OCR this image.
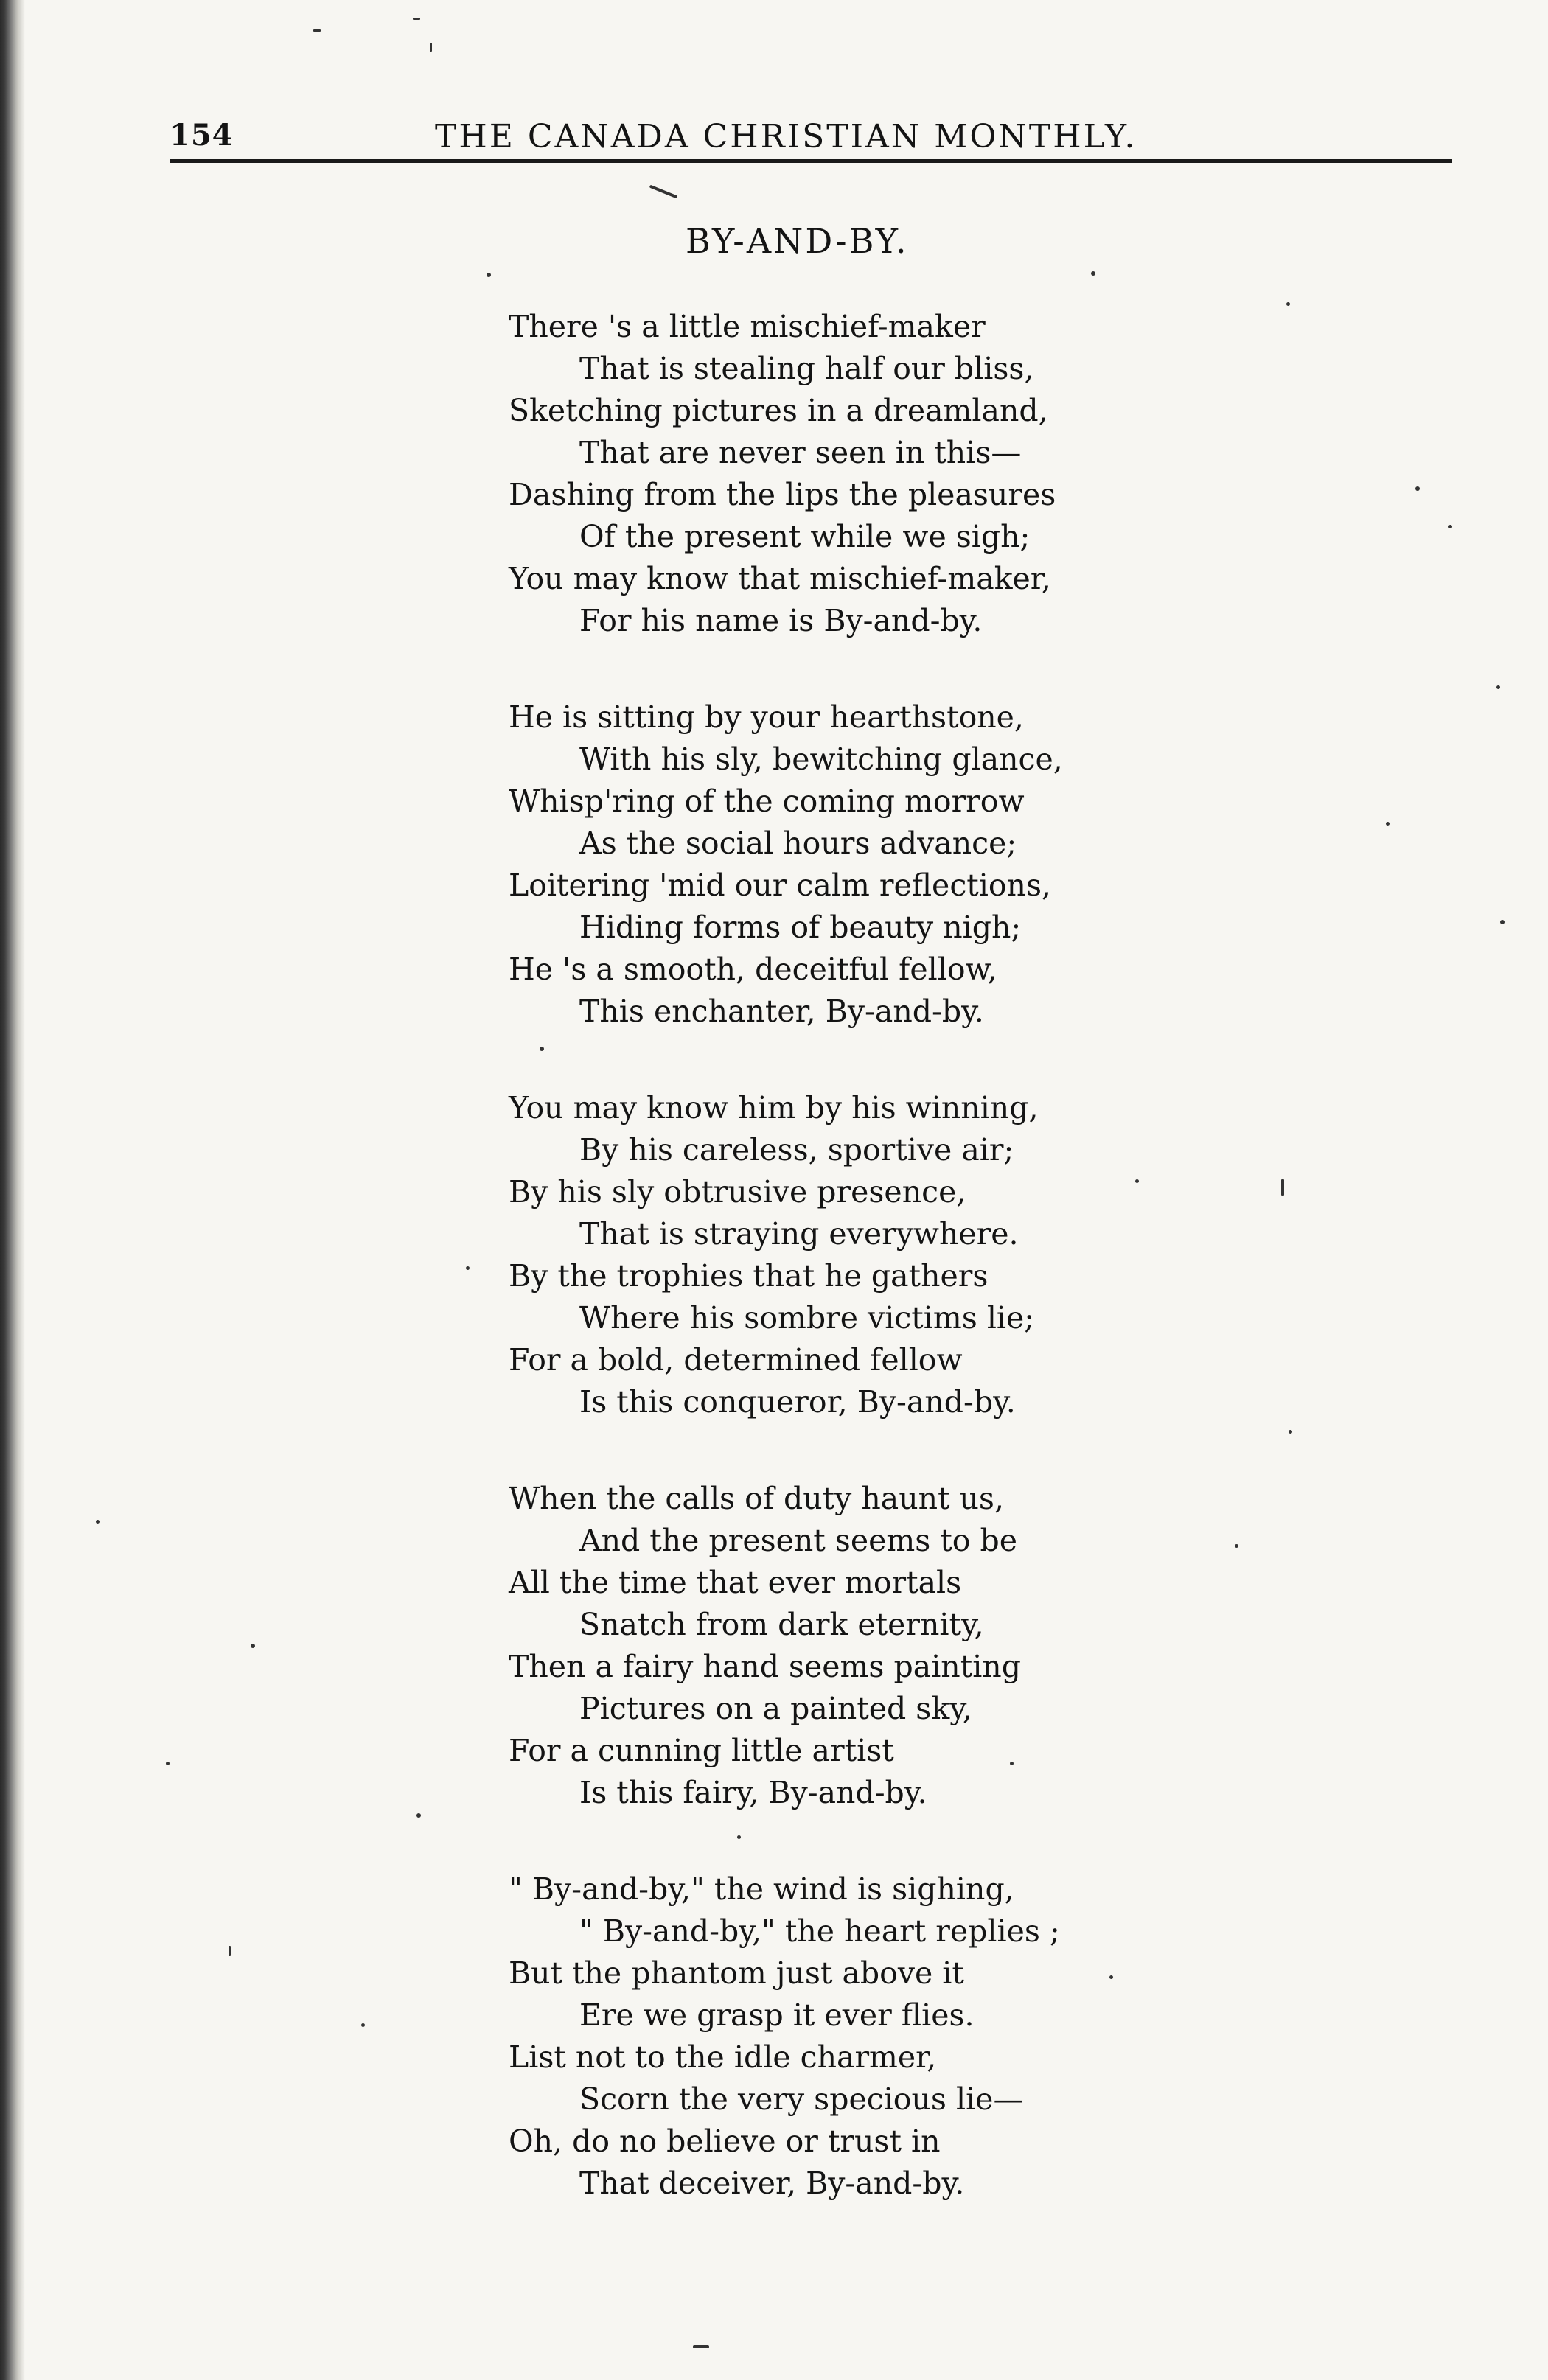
154	THE CANADA CHRISTIAN MONTHLY.
BY-AND-BY.
There 's a little mischief-maker
That is stealing half our bliss,
Sketching pictures in a dreamland,
That are never seen in this—
Dashing from the lips the pleasures
Of the present while we sigh;
You may know that mischief-maker,
For his name is By-and-by.
He is sitting by your hearthstone,
With his sly, bewitching glance,
Whisp'ring of the coming morrow
As the social hours advance;
Loitering 'mid our calm reflections,
Hiding forms of beauty nigh;
He 's a smooth, deceitful fellow,
This enchanter, By-and-by.
You may know him by his winning,
By his careless, sportive air;
By his sly obtrusive presence,
That is straying everywhere.
By the trophies that he gathers
Where his sombre victims lie;
For a bold, determined fellow
Is this conqueror, By-and-by.
When the calls of duty haunt us,
And the present seems to be
All the time that ever mortals
Snatch from dark eternity,
Then a fairy hand seems painting
Pictures on a painted sky,
For a cunning little artist
Is this fairy, By-and-by.
" By-and-by," the wind is sighing,
" By-and-by," the heart replies ;
But the phantom just above it
Ere we grasp it ever flies.
List not to the idle charmer,
Scorn the very specious lie—
Oh, do no believe or trust in
That deceiver, By-and-by.
